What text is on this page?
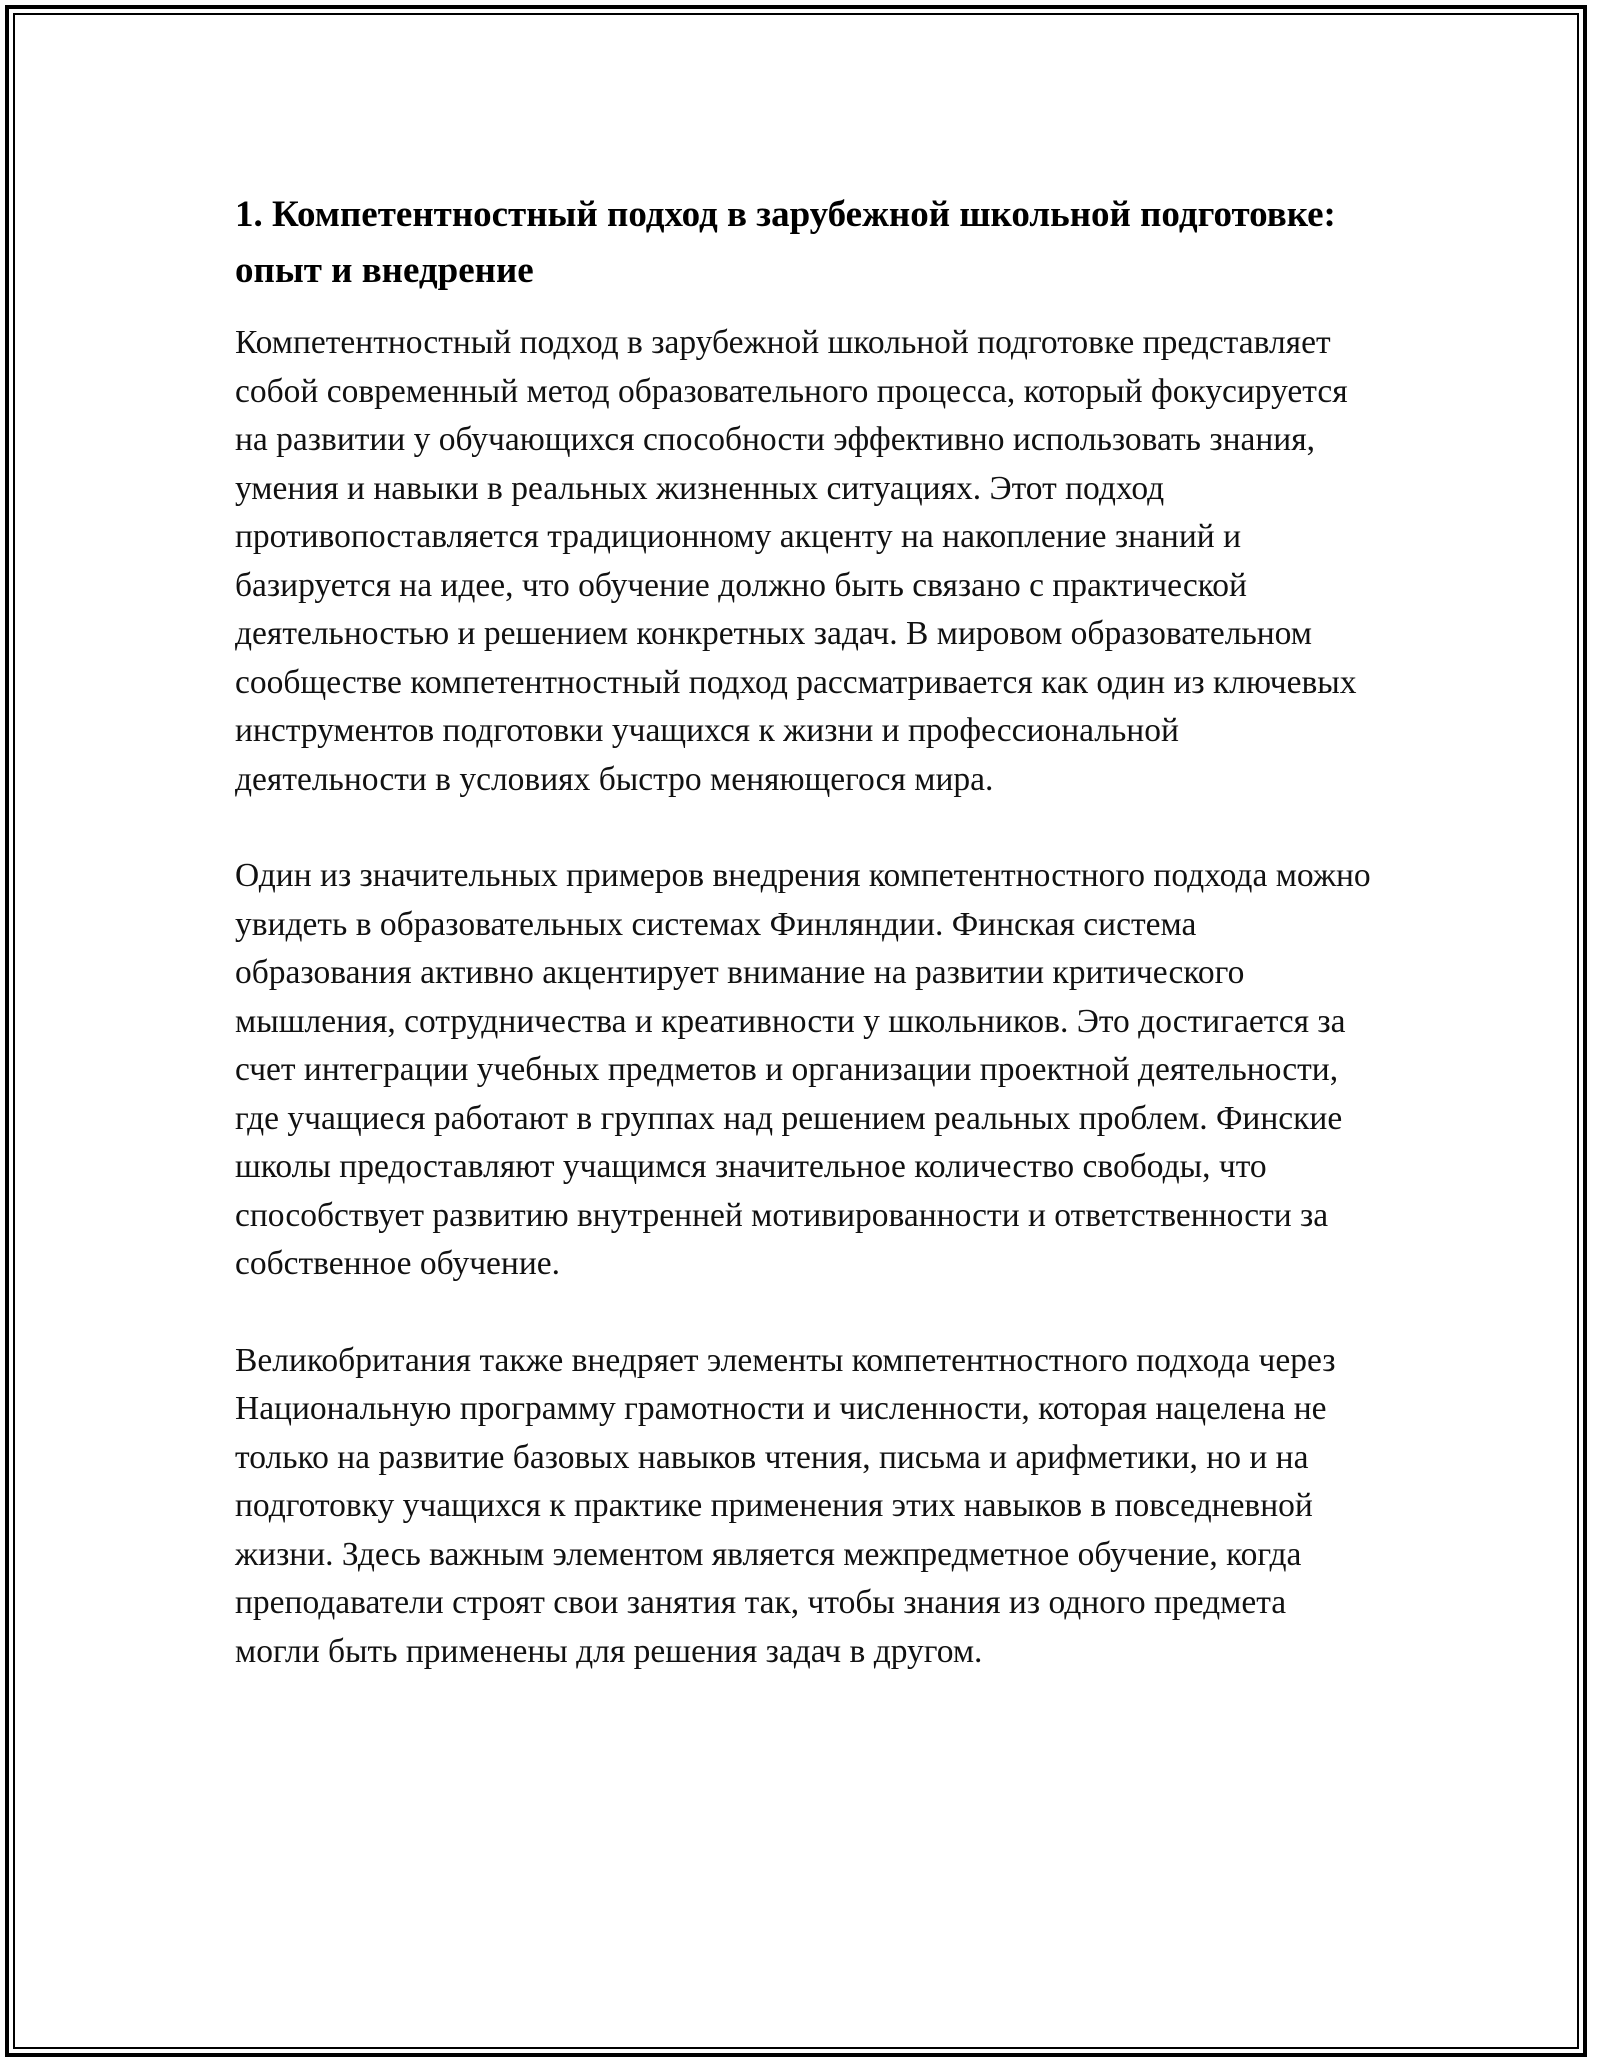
1. Компетентностный подход в зарубежной школьной подготовке: опыт и внедрение

Компетентностный подход в зарубежной школьной подготовке представляет собой современный метод образовательного процесса, который фокусируется на развитии у обучающихся способности эффективно использовать знания, умения и навыки в реальных жизненных ситуациях. Этот подход противопоставляется традиционному акценту на накопление знаний и базируется на идее, что обучение должно быть связано с практической деятельностью и решением конкретных задач. В мировом образовательном сообществе компетентностный подход рассматривается как один из ключевых инструментов подготовки учащихся к жизни и профессиональной деятельности в условиях быстро меняющегося мира.

Один из значительных примеров внедрения компетентностного подхода можно увидеть в образовательных системах Финляндии. Финская система образования активно акцентирует внимание на развитии критического мышления, сотрудничества и креативности у школьников. Это достигается за счет интеграции учебных предметов и организации проектной деятельности, где учащиеся работают в группах над решением реальных проблем. Финские школы предоставляют учащимся значительное количество свободы, что способствует развитию внутренней мотивированности и ответственности за собственное обучение.

Великобритания также внедряет элементы компетентностного подхода через Национальную программу грамотности и численности, которая нацелена не только на развитие базовых навыков чтения, письма и арифметики, но и на подготовку учащихся к практике применения этих навыков в повседневной жизни. Здесь важным элементом является межпредметное обучение, когда преподаватели строят свои занятия так, чтобы знания из одного предмета могли быть применены для решения задач в другом.
